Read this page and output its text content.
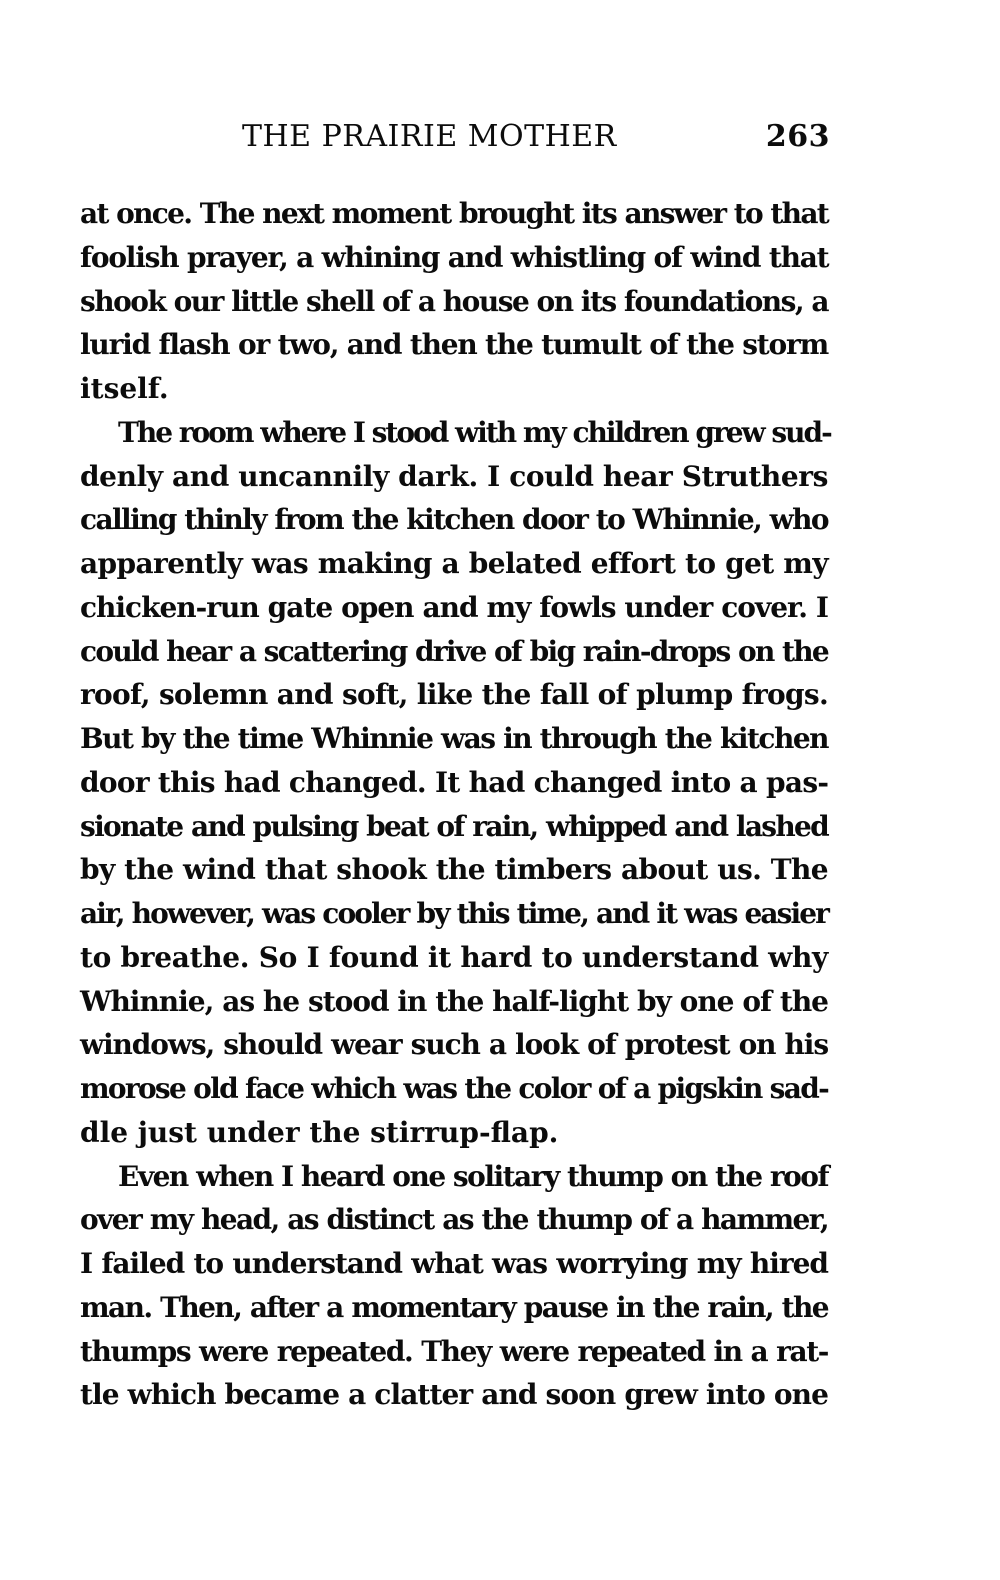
THE PRAIRIE MOTHER	263
at once. The next moment brought its answer to that
foolish prayer, a whining and whistling of wind that
shook our little shell of a house on its foundations, a
lurid flash or two, and then the tumult of the storm
itself.
The room where I stood with my children grew sud-
denly and uncannily dark. I could hear Struthers
calling thinly from the kitchen door to Whinnie, who
apparently was making a belated effort to get my
chicken-run gate open and my fowls under cover. I
could hear a scattering drive of big rain-drops on the
roof, solemn and soft, like the fall of plump frogs.
But by the time Whinnie was in through the kitchen
door this had changed. It had changed into a pas-
sionate and pulsing beat of rain, whipped and lashed
by the wind that shook the timbers about us. The
air, however, was cooler by this time, and it was easier
to breathe. So I found it hard to understand why
Whinnie, as he stood in the half-light by one of the
windows, should wear such a look of protest on his
morose old face which was the color of a pigskin sad-
dle just under the stirrup-flap.
Even when I heard one solitary thump on the roof
over my head, as distinct as the thump of a hammer,
I failed to understand what was worrying my hired
man. Then, after a momentary pause in the rain, the
thumps were repeated. They were repeated in a rat-
tle which became a clatter and soon grew into one
